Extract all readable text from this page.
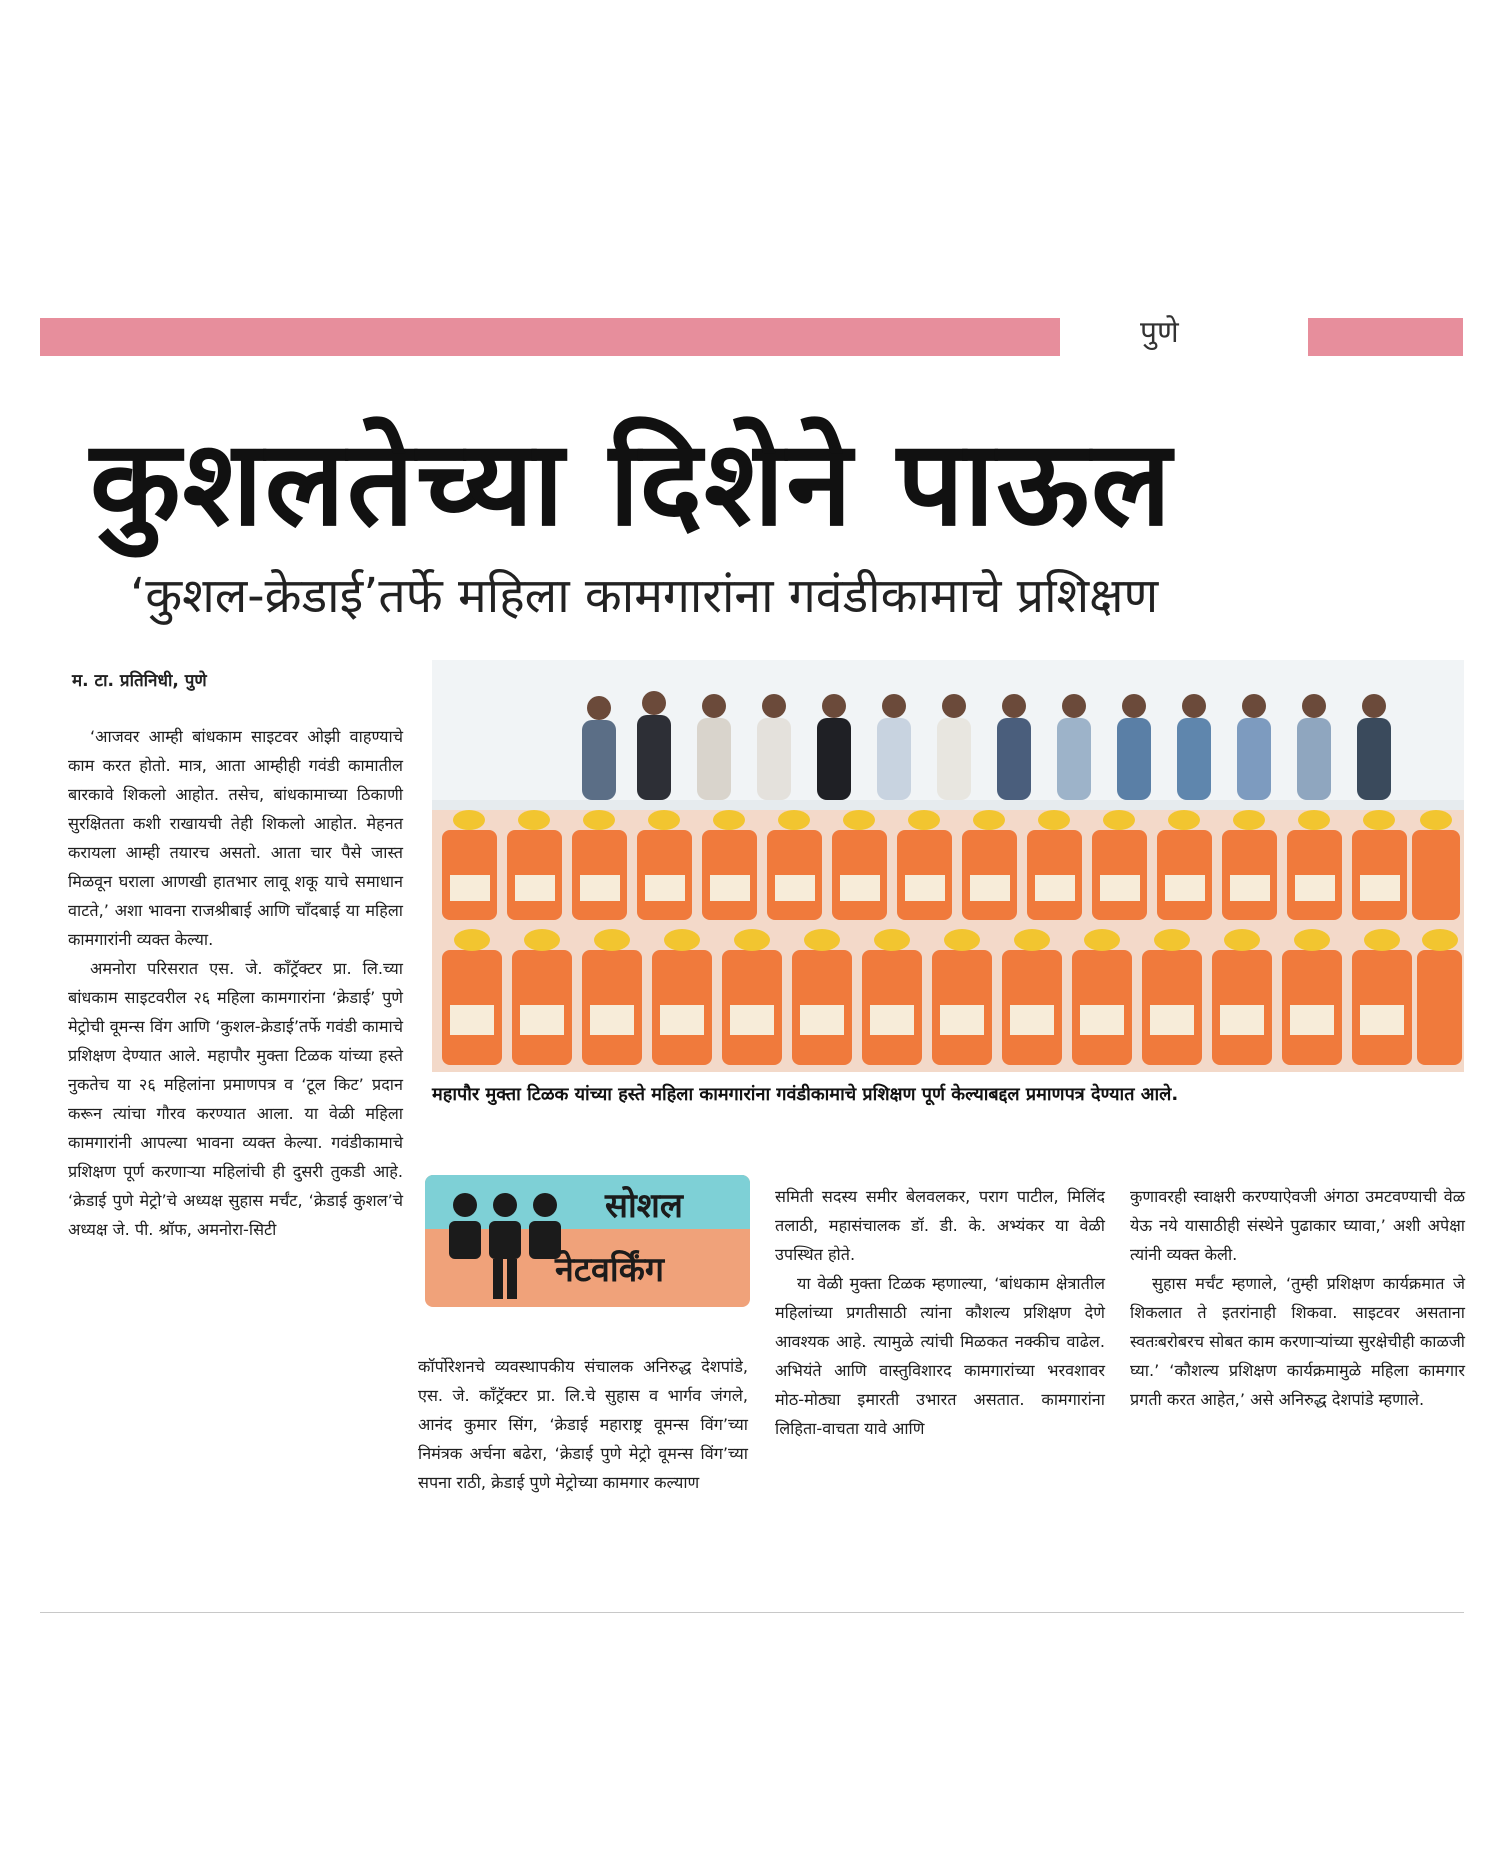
पुणे
कुशलतेच्या दिशेने पाऊल
‘कुशल-क्रेडाई’तर्फे महिला कामगारांना गवंडीकामाचे प्रशिक्षण
म. टा. प्रतिनिधी, पुणे

‘आजवर आम्ही बांधकाम साइटवर ओझी वाहण्याचे काम करत होतो. मात्र, आता आम्हीही गवंडी कामातील बारकावे शिकलो आहोत. तसेच, बांधकामाच्या ठिकाणी सुरक्षितता कशी राखायची तेही शिकलो आहोत. मेहनत करायला आम्ही तयारच असतो. आता चार पैसे जास्त मिळवून घराला आणखी हातभार लावू शकू याचे समाधान वाटते,’ अशा भावना राजश्रीबाई आणि चाँदबाई या महिला कामगारांनी व्यक्त केल्या.

अमनोरा परिसरात एस. जे. काँट्रॅक्टर प्रा. लि.च्या बांधकाम साइटवरील २६ महिला कामगारांना ‘क्रेडाई’ पुणे मेट्रोची वूमन्स विंग आणि ‘कुशल-क्रेडाई’तर्फे गवंडी कामाचे प्रशिक्षण देण्यात आले. महापौर मुक्ता टिळक यांच्या हस्ते नुकतेच या २६ महिलांना प्रमाणपत्र व ‘टूल किट’ प्रदान करून त्यांचा गौरव करण्यात आला. या वेळी महिला कामगारांनी आपल्या भावना व्यक्त केल्या. गवंडीकामाचे प्रशिक्षण पूर्ण करणाऱ्या महिलांची ही दुसरी तुकडी आहे. ‘क्रेडाई पुणे मेट्रो’चे अध्यक्ष सुहास मर्चंट, ‘क्रेडाई कुशल’चे अध्यक्ष जे. पी. श्रॉफ, अमनोरा-सिटी

महापौर मुक्ता टिळक यांच्या हस्ते महिला कामगारांना गवंडीकामाचे प्रशिक्षण पूर्ण केल्याबद्दल प्रमाणपत्र देण्यात आले.
सोशल
नेटवर्किंग

कॉर्पोरेशनचे व्यवस्थापकीय संचालक अनिरुद्ध देशपांडे, एस. जे. काँट्रॅक्टर प्रा. लि.चे सुहास व भार्गव जंगले, आनंद कुमार सिंग, ‘क्रेडाई महाराष्ट्र वूमन्स विंग’च्या निमंत्रक अर्चना बढेरा, ‘क्रेडाई पुणे मेट्रो वूमन्स विंग’च्या सपना राठी, क्रेडाई पुणे मेट्रोच्या कामगार कल्याण

समिती सदस्य समीर बेलवलकर, पराग पाटील, मिलिंद तलाठी, महासंचालक डॉ. डी. के. अभ्यंकर या वेळी उपस्थित होते.

या वेळी मुक्ता टिळक म्हणाल्या, ‘बांधकाम क्षेत्रातील महिलांच्या प्रगतीसाठी त्यांना कौशल्य प्रशिक्षण देणे आवश्यक आहे. त्यामुळे त्यांची मिळकत नक्कीच वाढेल. अभियंते आणि वास्तुविशारद कामगारांच्या भरवशावर मोठ-मोठ्या इमारती उभारत असतात. कामगारांना लिहिता-वाचता यावे आणि

कुणावरही स्वाक्षरी करण्याऐवजी अंगठा उमटवण्याची वेळ येऊ नये यासाठीही संस्थेने पुढाकार घ्यावा,’ अशी अपेक्षा त्यांनी व्यक्त केली.

सुहास मर्चंट म्हणाले, ‘तुम्ही प्रशिक्षण कार्यक्रमात जे शिकलात ते इतरांनाही शिकवा. साइटवर असताना स्वतःबरोबरच सोबत काम करणाऱ्यांच्या सुरक्षेचीही काळजी घ्या.’ ‘कौशल्य प्रशिक्षण कार्यक्रमामुळे महिला कामगार प्रगती करत आहेत,’ असे अनिरुद्ध देशपांडे म्हणाले.
